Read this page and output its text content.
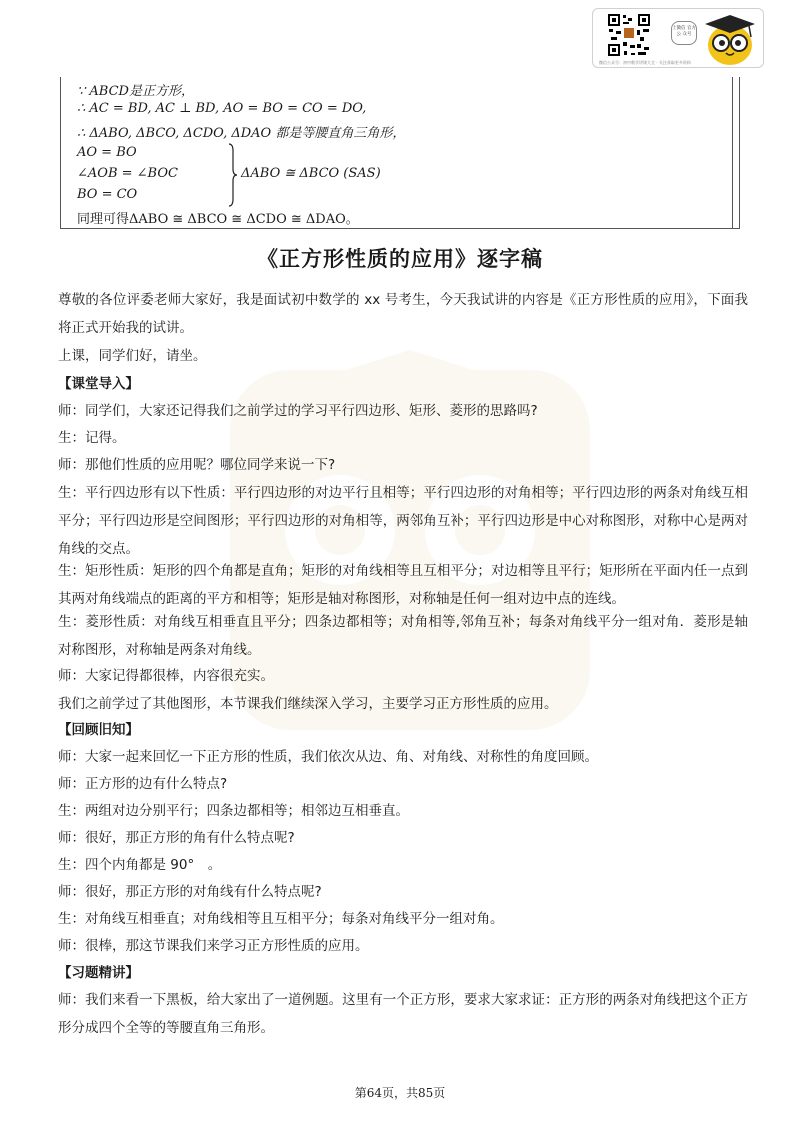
微信公众号：初中数学讲课大全 · 关注获取更多资料
上微信 官方公 众号
∵ ABCD是正方形，
∴ AC = BD, AC ⊥ BD, AO = BO = CO = DO,
∴ ΔABO, ΔBCO, ΔCDO, ΔDAO 都是等腰直角三角形，
AO = BO
∠AOB = ∠BOC
BO = CO
ΔABO ≅ ΔBCO (SAS)
同理可得ΔABO ≅ ΔBCO ≅ ΔCDO ≅ ΔDAO。
《正方形性质的应用》逐字稿
尊敬的各位评委老师大家好，我是面试初中数学的 xx 号考生，今天我试讲的内容是《正方形性质的应用》，下面我将正式开始我的试讲。
上课，同学们好，请坐。
【课堂导入】
师：同学们，大家还记得我们之前学过的学习平行四边形、矩形、菱形的思路吗?
生：记得。
师：那他们性质的应用呢？哪位同学来说一下?
生：平行四边形有以下性质：平行四边形的对边平行且相等；平行四边形的对角相等；平行四边形的两条对角线互相平分；平行四边形是空间图形；平行四边形的对角相等，两邻角互补；平行四边形是中心对称图形，对称中心是两对角线的交点。
生：矩形性质：矩形的四个角都是直角；矩形的对角线相等且互相平分；对边相等且平行；矩形所在平面内任一点到其两对角线端点的距离的平方和相等；矩形是轴对称图形，对称轴是任何一组对边中点的连线。
生：菱形性质：对角线互相垂直且平分；四条边都相等；对角相等,邻角互补；每条对角线平分一组对角．菱形是轴对称图形，对称轴是两条对角线。
师：大家记得都很棒，内容很充实。
我们之前学过了其他图形，本节课我们继续深入学习，主要学习正方形性质的应用。
【回顾旧知】
师：大家一起来回忆一下正方形的性质，我们依次从边、角、对角线、对称性的角度回顾。
师：正方形的边有什么特点?
生：两组对边分别平行；四条边都相等；相邻边互相垂直。
师：很好，那正方形的角有什么特点呢?
生：四个内角都是 90°　。
师：很好，那正方形的对角线有什么特点呢?
生：对角线互相垂直；对角线相等且互相平分；每条对角线平分一组对角。
师：很棒，那这节课我们来学习正方形性质的应用。
【习题精讲】
师：我们来看一下黑板，给大家出了一道例题。这里有一个正方形，要求大家求证：正方形的两条对角线把这个正方形分成四个全等的等腰直角三角形。
第64页，共85页
